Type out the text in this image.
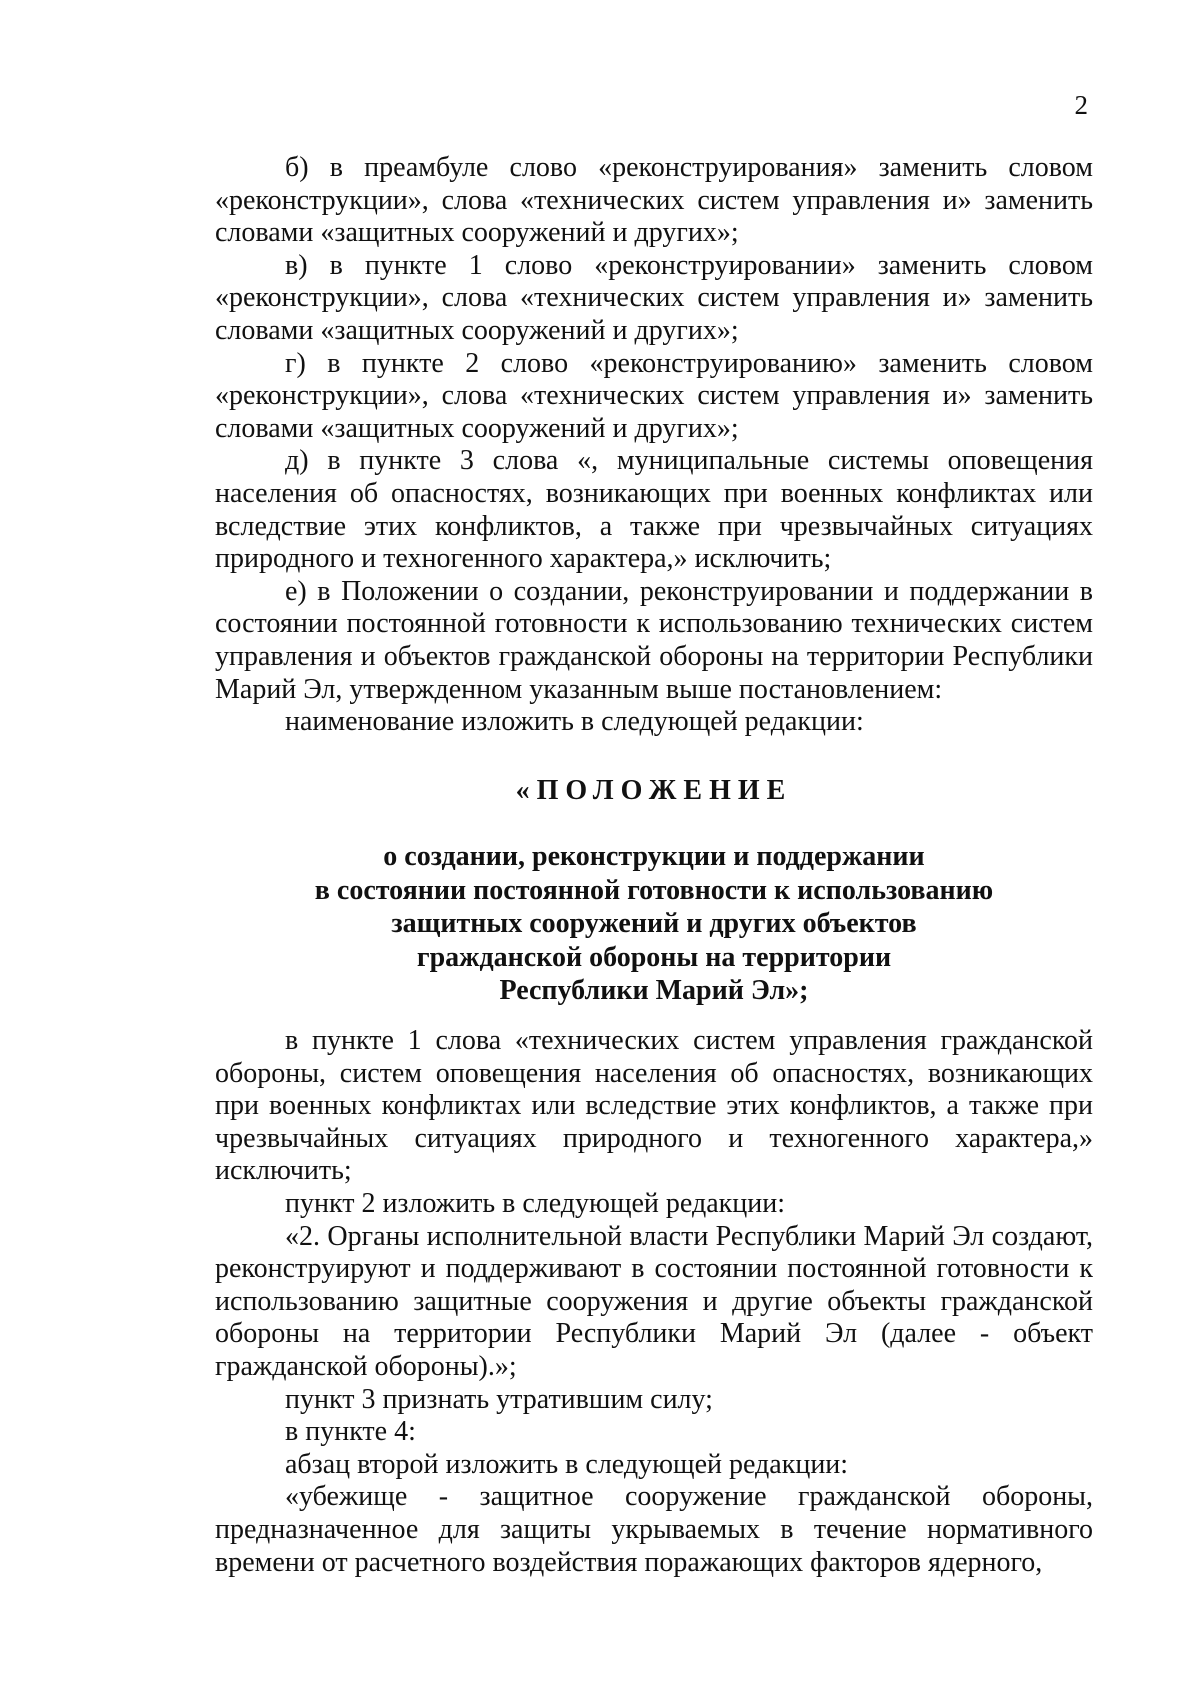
2

б) в преамбуле слово «реконструирования» заменить словом «реконструкции», слова «технических систем управления и» заменить словами «защитных сооружений и других»;

в) в пункте 1 слово «реконструировании» заменить словом «реконструкции», слова «технических систем управления и» заменить словами «защитных сооружений и других»;

г) в пункте 2 слово «реконструированию» заменить словом «реконструкции», слова «технических систем управления и» заменить словами «защитных сооружений и других»;

д) в пункте 3 слова «, муниципальные системы оповещения населения об опасностях, возникающих при военных конфликтах или вследствие этих конфликтов, а также при чрезвычайных ситуациях природного и техногенного характера,» исключить;

е) в Положении о создании, реконструировании и поддержании в состоянии постоянной готовности к использованию технических систем управления и объектов гражданской обороны на территории Республики Марий Эл, утвержденном указанным выше постановлением:

наименование изложить в следующей редакции:

«ПОЛОЖЕНИЕ
о создании, реконструкции и поддержании
в состоянии постоянной готовности к использованию
защитных сооружений и других объектов
гражданской обороны на территории
Республики Марий Эл»;

в пункте 1 слова «технических систем управления гражданской обороны, систем оповещения населения об опасностях, возникающих при военных конфликтах или вследствие этих конфликтов, а также при чрезвычайных ситуациях природного и техногенного характера,» исключить;

пункт 2 изложить в следующей редакции:

«2. Органы исполнительной власти Республики Марий Эл создают, реконструируют и поддерживают в состоянии постоянной готовности к использованию защитные сооружения и другие объекты гражданской обороны на территории Республики Марий Эл (далее - объект гражданской обороны).»;

пункт 3 признать утратившим силу;

в пункте 4:

абзац второй изложить в следующей редакции:

«убежище - защитное сооружение гражданской обороны, предназначенное для защиты укрываемых в течение нормативного времени от расчетного воздействия поражающих факторов ядерного,
